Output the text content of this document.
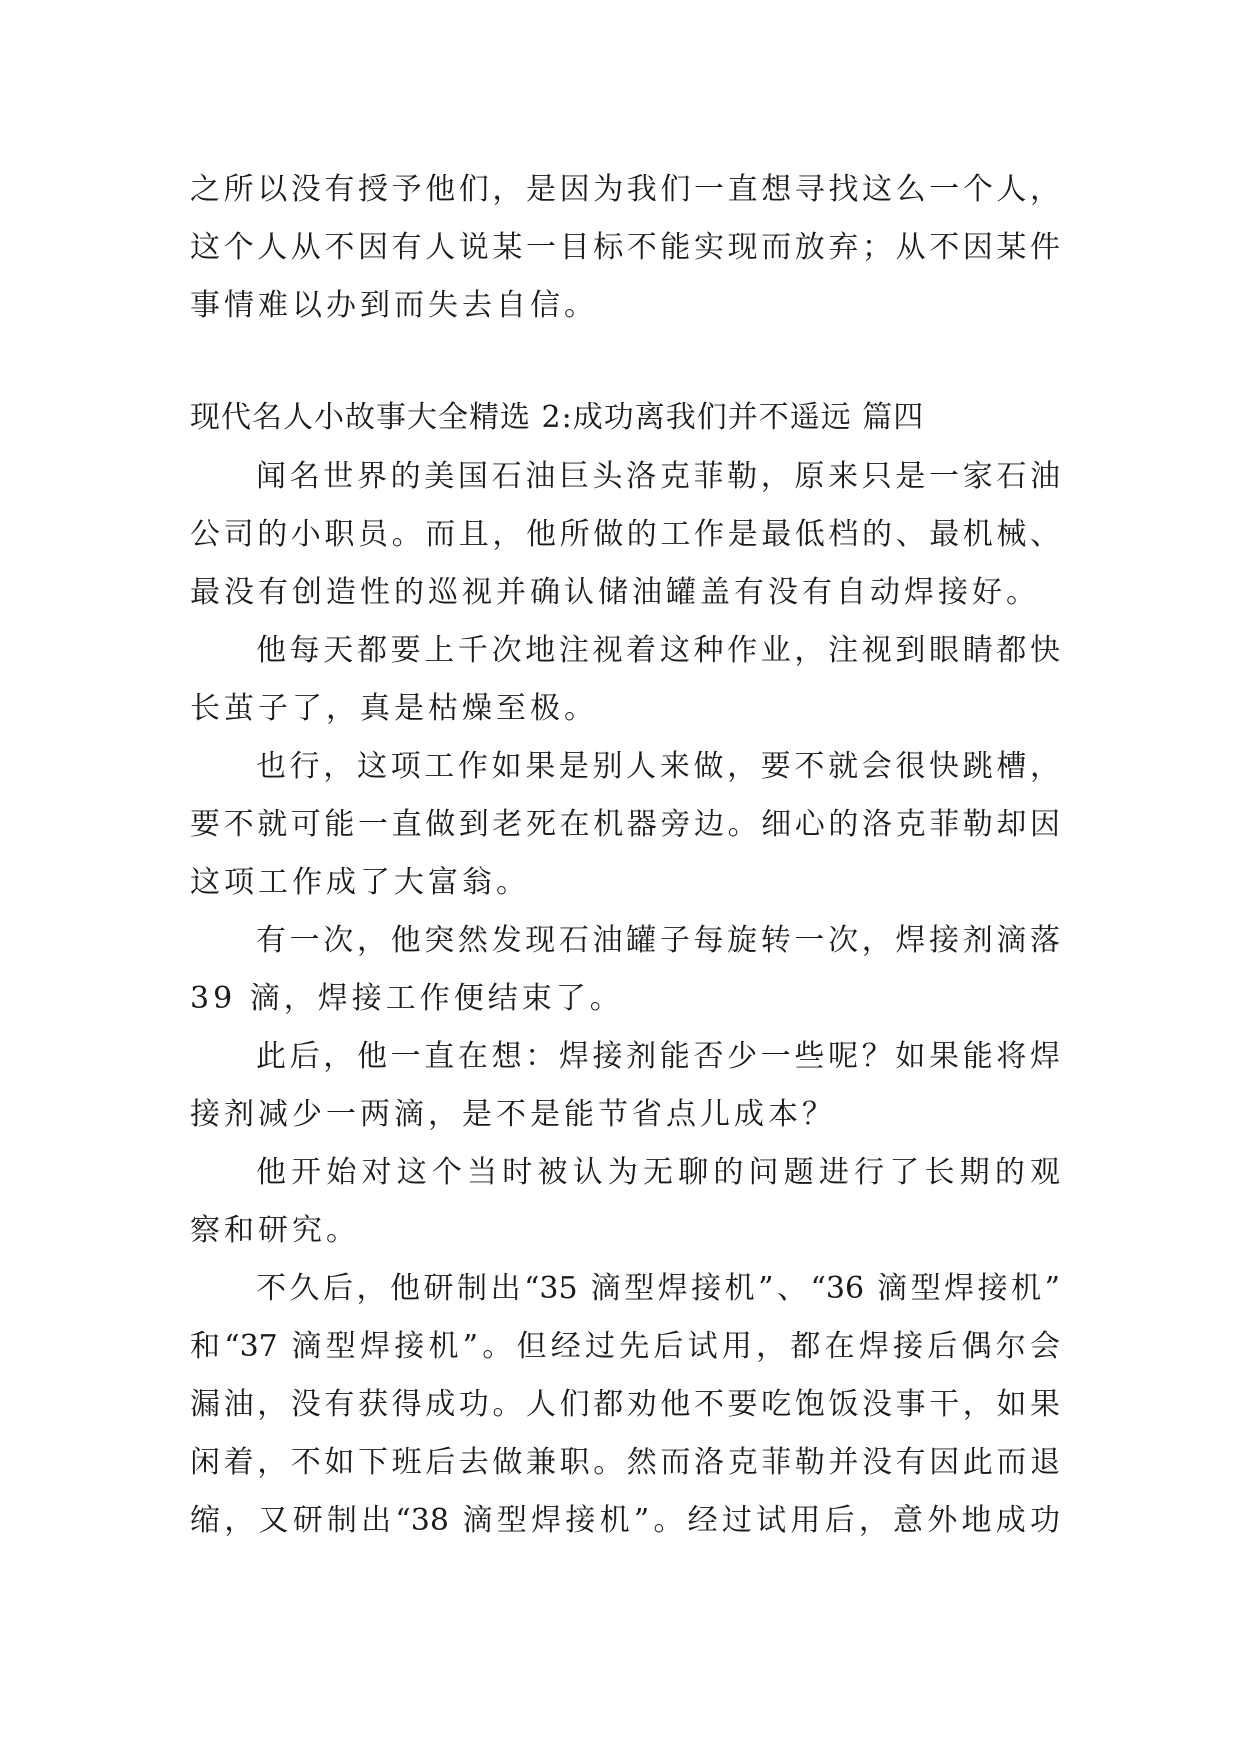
之所以没有授予他们，是因为我们一直想寻找这么一个人，
这个人从不因有人说某一目标不能实现而放弃；从不因某件
事情难以办到而失去自信。
现代名人小故事大全精选 2:成功离我们并不遥远 篇四
闻名世界的美国石油巨头洛克菲勒，原来只是一家石油
公司的小职员。而且，他所做的工作是最低档的、最机械、
最没有创造性的巡视并确认储油罐盖有没有自动焊接好。
他每天都要上千次地注视着这种作业，注视到眼睛都快
长茧子了，真是枯燥至极。
也行，这项工作如果是别人来做，要不就会很快跳槽，
要不就可能一直做到老死在机器旁边。细心的洛克菲勒却因
这项工作成了大富翁。
有一次，他突然发现石油罐子每旋转一次，焊接剂滴落
39 滴，焊接工作便结束了。
此后，他一直在想：焊接剂能否少一些呢？如果能将焊
接剂减少一两滴，是不是能节省点儿成本？
他开始对这个当时被认为无聊的问题进行了长期的观
察和研究。
不久后，他研制出“35 滴型焊接机”、“36 滴型焊接机”
和“37 滴型焊接机”。但经过先后试用，都在焊接后偶尔会
漏油，没有获得成功。人们都劝他不要吃饱饭没事干，如果
闲着，不如下班后去做兼职。然而洛克菲勒并没有因此而退
缩，又研制出“38 滴型焊接机”。经过试用后，意外地成功
